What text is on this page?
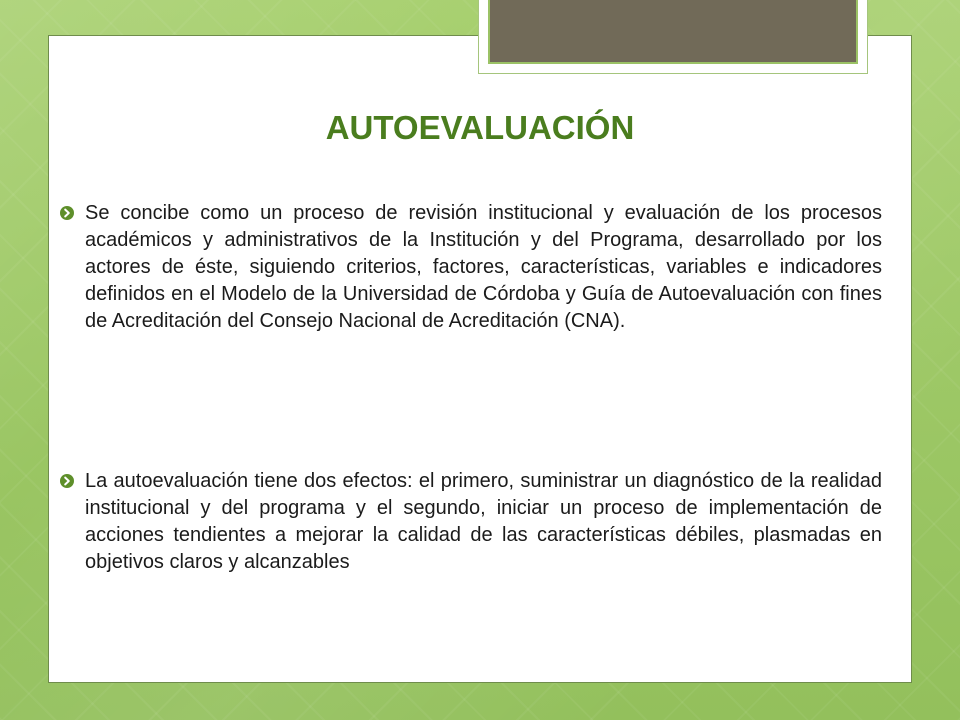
AUTOEVALUACIÓN

Se concibe como un proceso de revisión institucional y evaluación de los procesos académicos y administrativos de la Institución y del Programa, desarrollado por los actores de éste, siguiendo criterios, factores, características, variables e indicadores definidos en el Modelo de la Universidad de Córdoba y Guía de Autoevaluación con fines de Acreditación del Consejo Nacional de Acreditación (CNA).

La autoevaluación tiene dos efectos: el primero, suministrar un diagnóstico de la realidad institucional y del programa y el segundo, iniciar un proceso de implementación de acciones tendientes a mejorar la calidad de las características débiles, plasmadas en objetivos claros y alcanzables
